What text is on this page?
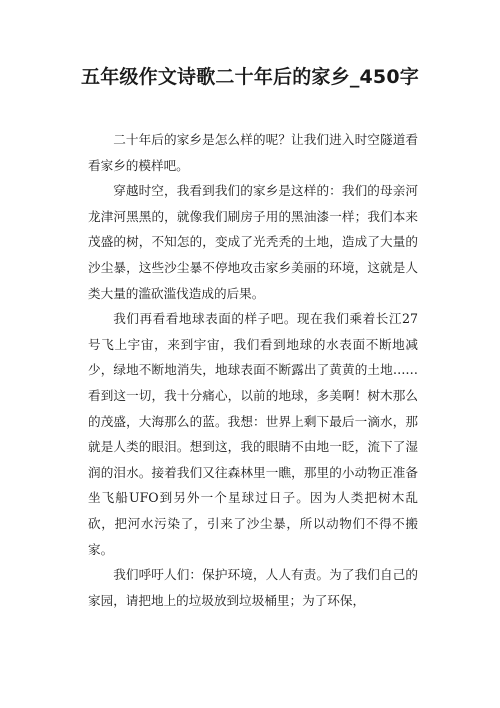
五年级作文诗歌二十年后的家乡_450字

二十年后的家乡是怎么样的呢？让我们进入时空隧道看看家乡的模样吧。

穿越时空，我看到我们的家乡是这样的：我们的母亲河龙津河黑黑的，就像我们刷房子用的黑油漆一样；我们本来茂盛的树，不知怎的，变成了光秃秃的土地，造成了大量的沙尘暴，这些沙尘暴不停地攻击家乡美丽的环境，这就是人类大量的滥砍滥伐造成的后果。

我们再看看地球表面的样子吧。现在我们乘着长江27号飞上宇宙，来到宇宙，我们看到地球的水表面不断地减少，绿地不断地消失，地球表面不断露出了黄黄的土地……看到这一切，我十分痛心，以前的地球，多美啊！树木那么的茂盛，大海那么的蓝。我想：世界上剩下最后一滴水，那就是人类的眼泪。想到这，我的眼睛不由地一眨，流下了湿润的泪水。接着我们又往森林里一瞧，那里的小动物正准备坐飞船UFO到另外一个星球过日子。因为人类把树木乱砍，把河水污染了，引来了沙尘暴，所以动物们不得不搬家。

我们呼吁人们：保护环境，人人有责。为了我们自己的家园，请把地上的垃圾放到垃圾桶里；为了环保，
